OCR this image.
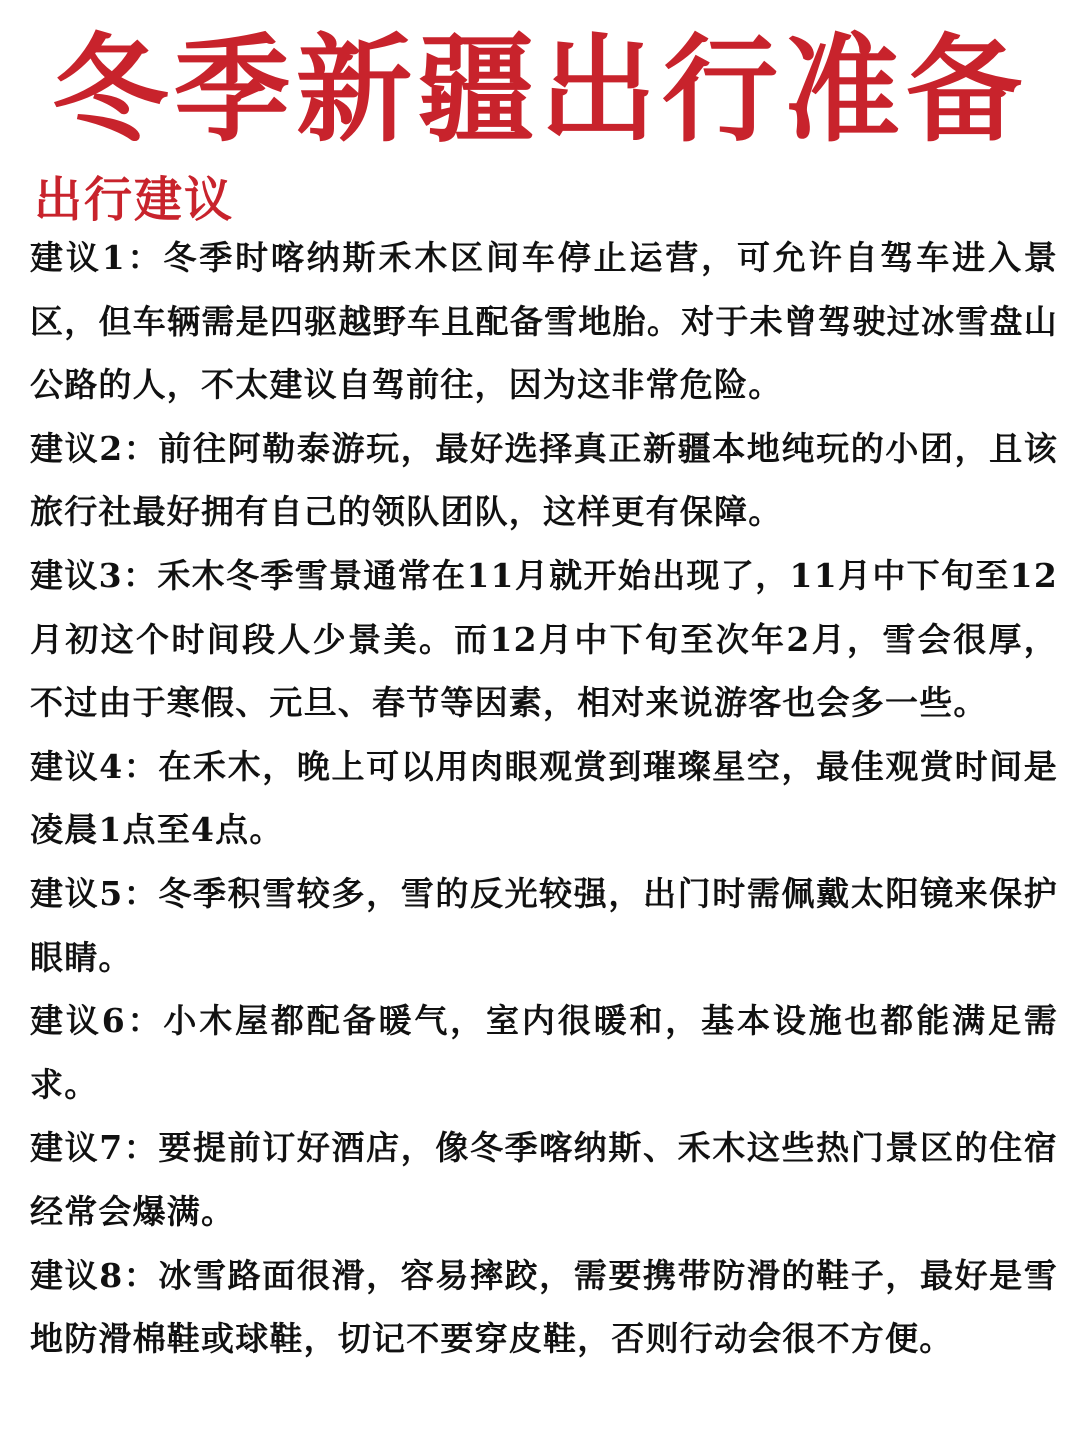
冬季新疆出行准备
出行建议

建议1：冬季时喀纳斯禾木区间车停止运营，可允许自驾车进入景区，但车辆需是四驱越野车且配备雪地胎。对于未曾驾驶过冰雪盘山公路的人，不太建议自驾前往，因为这非常危险。

建议2：前往阿勒泰游玩，最好选择真正新疆本地纯玩的小团，且该旅行社最好拥有自己的领队团队，这样更有保障。

建议3：禾木冬季雪景通常在11月就开始出现了，11月中下旬至12月初这个时间段人少景美。而12月中下旬至次年2月，雪会很厚，不过由于寒假、元旦、春节等因素，相对来说游客也会多一些。

建议4：在禾木，晚上可以用肉眼观赏到璀璨星空，最佳观赏时间是凌晨1点至4点。

建议5：冬季积雪较多，雪的反光较强，出门时需佩戴太阳镜来保护眼睛。

建议6：小木屋都配备暖气，室内很暖和，基本设施也都能满足需求。

建议7：要提前订好酒店，像冬季喀纳斯、禾木这些热门景区的住宿经常会爆满。

建议8：冰雪路面很滑，容易摔跤，需要携带防滑的鞋子，最好是雪地防滑棉鞋或球鞋，切记不要穿皮鞋，否则行动会很不方便。
